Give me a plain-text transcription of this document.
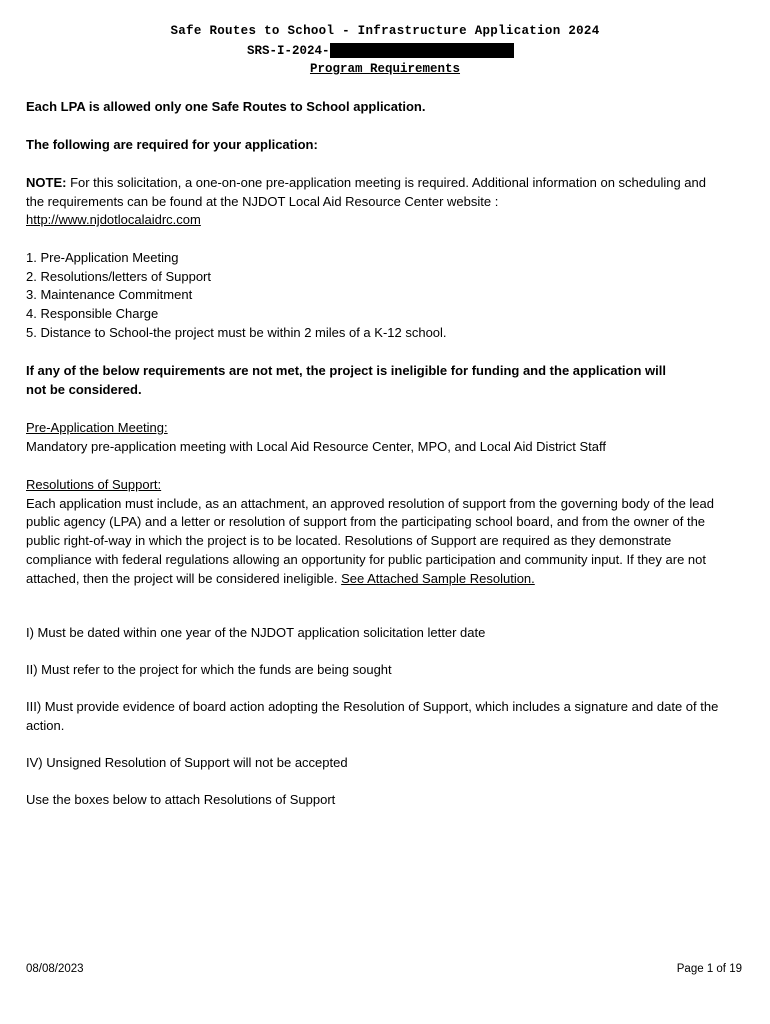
Safe Routes to School - Infrastructure Application 2024
SRS-I-2024-
Program Requirements

Each LPA is allowed only one Safe Routes to School application.

The following are required for your application:

NOTE: For this solicitation, a one-on-one pre-application meeting is required. Additional information on scheduling and the requirements can be found at the NJDOT Local Aid Resource Center website :
http://www.njdotlocalaidrc.com

1. Pre-Application Meeting
2. Resolutions/letters of Support
3. Maintenance Commitment
4. Responsible Charge
5. Distance to School-the project must be within 2 miles of a K-12 school.

If any of the below requirements are not met, the project is ineligible for funding and the application will not be considered.

Pre-Application Meeting:
Mandatory pre-application meeting with Local Aid Resource Center, MPO, and Local Aid District Staff
Resolutions of Support:
Each application must include, as an attachment, an approved resolution of support from the governing body of the lead public agency (LPA) and a letter or resolution of support from the participating school board, and from the owner of the public right-of-way in which the project is to be located. Resolutions of Support are required as they demonstrate compliance with federal regulations allowing an opportunity for public participation and community input. If they are not attached, then the project will be considered ineligible. See Attached Sample Resolution.

I) Must be dated within one year of the NJDOT application solicitation letter date

II) Must refer to the project for which the funds are being sought

III) Must provide evidence of board action adopting the Resolution of Support, which includes a signature and date of the action.

IV) Unsigned Resolution of Support will not be accepted

Use the boxes below to attach Resolutions of Support

08/08/2023	Page 1 of 19
